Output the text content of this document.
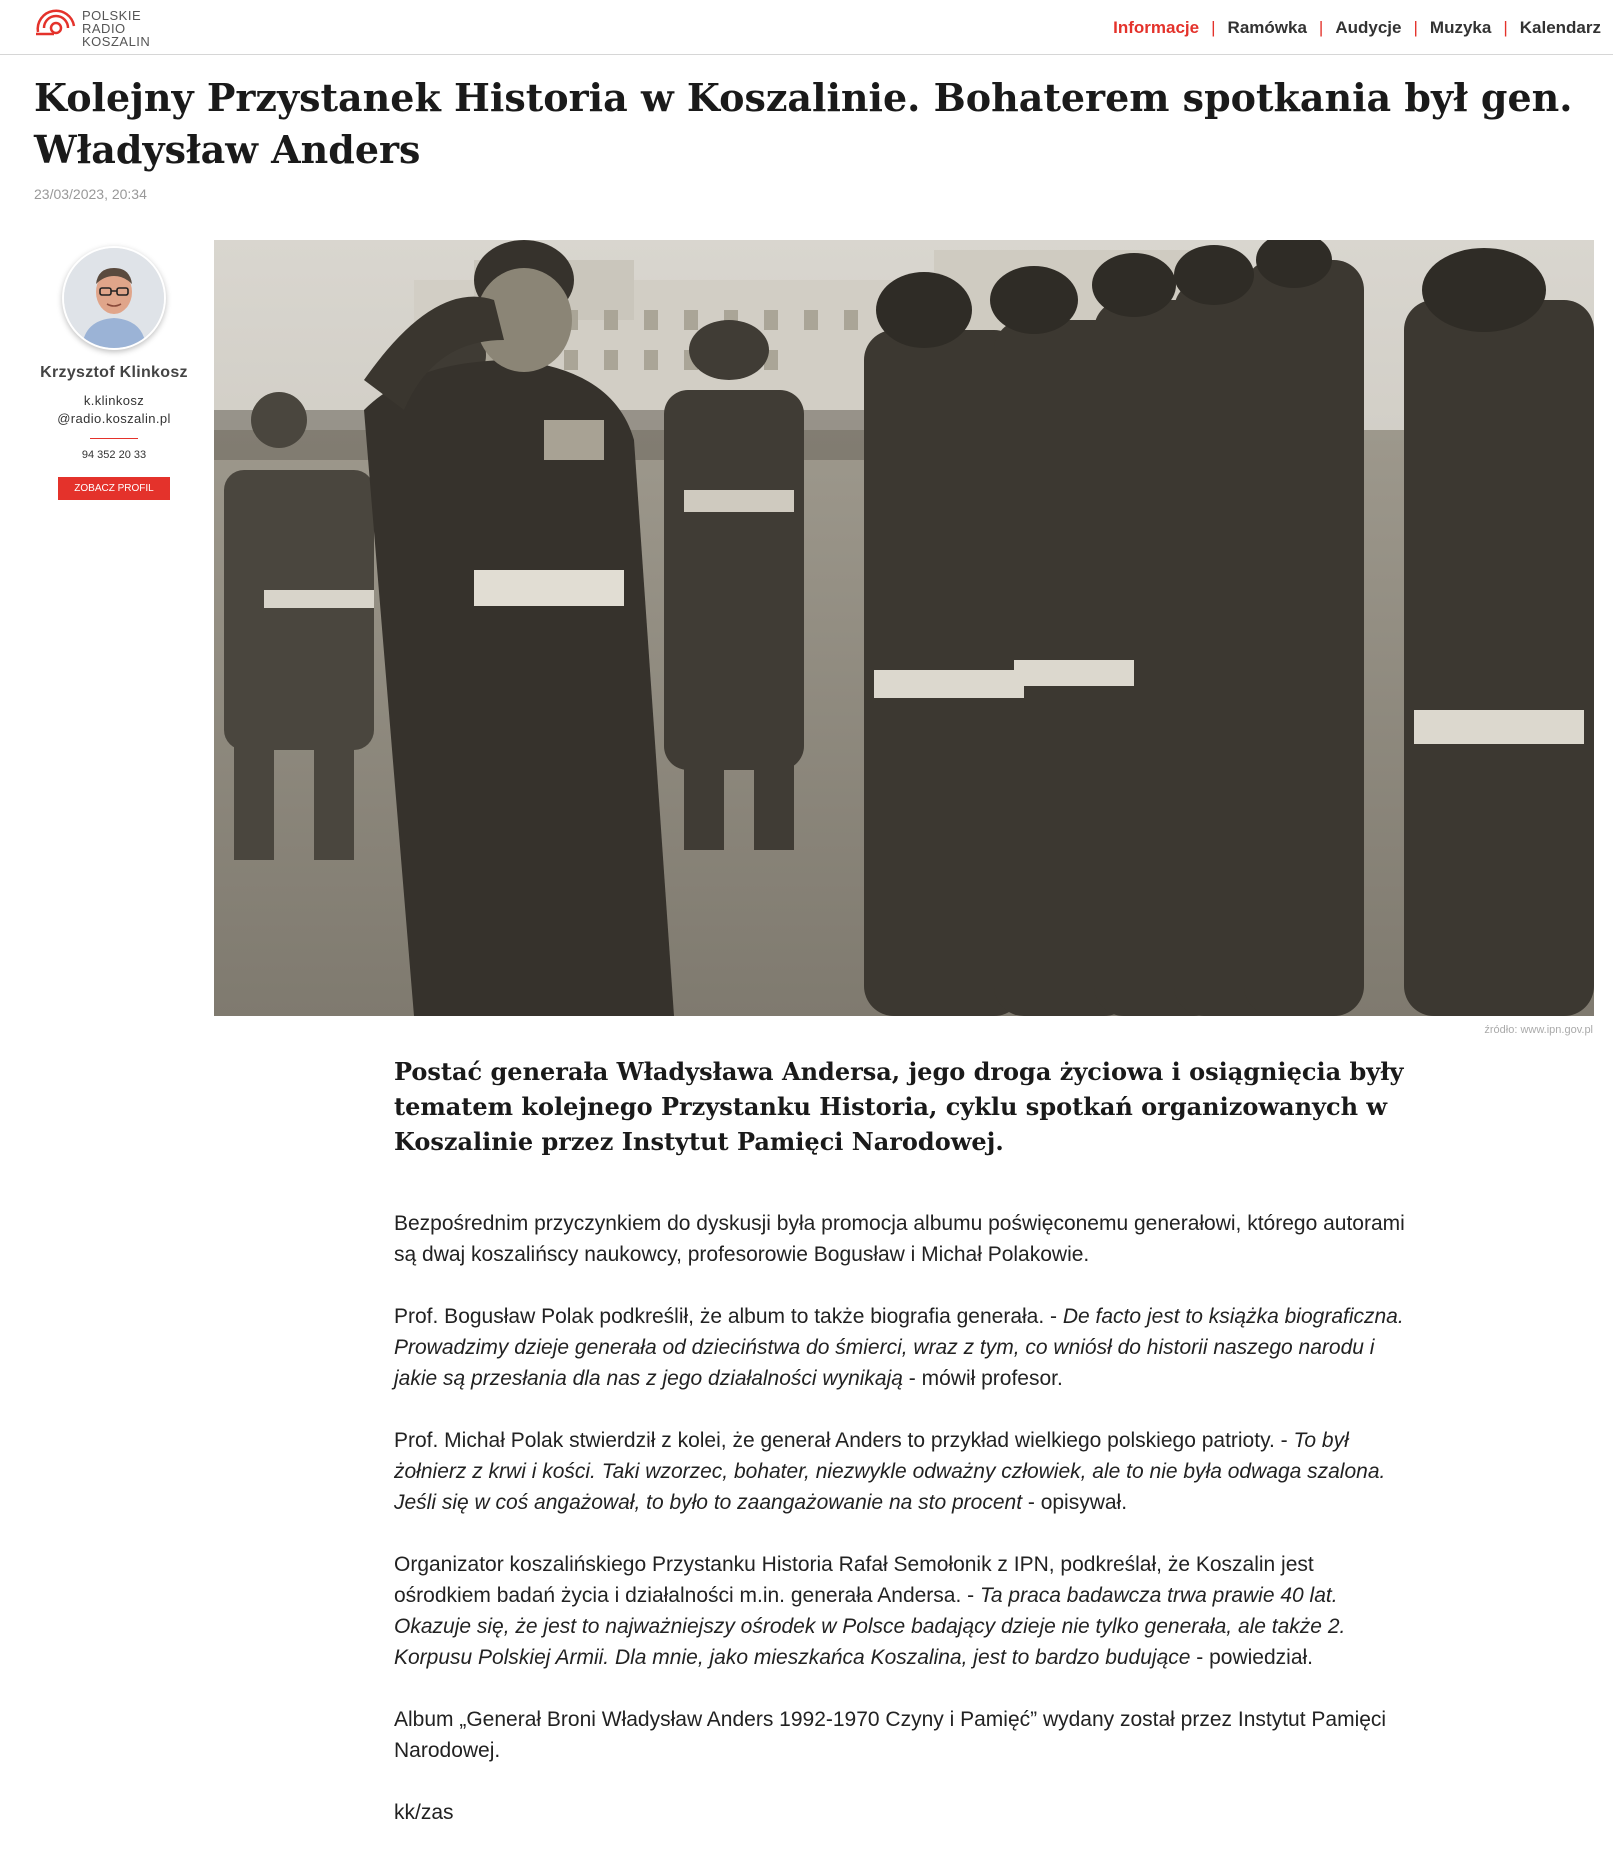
POLSKIE
RADIO
KOSZALIN
Informacje | Ramówka | Audycje | Muzyka | Kalendarz
Kolejny Przystanek Historia w Koszalinie. Bohaterem spotkania był gen. Władysław Anders
23/03/2023, 20:34
Krzysztof Klinkosz
k.klinkosz
@radio.koszalin.pl
94 352 20 33
ZOBACZ PROFIL
źródło: www.ipn.gov.pl

Postać generała Władysława Andersa, jego droga życiowa i osiągnięcia były tematem kolejnego Przystanku Historia, cyklu spotkań organizowanych w Koszalinie przez Instytut Pamięci Narodowej.

Bezpośrednim przyczynkiem do dyskusji była promocja albumu poświęconemu generałowi, którego autorami są dwaj koszalińscy naukowcy, profesorowie Bogusław i Michał Polakowie.

Prof. Bogusław Polak podkreślił, że album to także biografia generała. - De facto jest to książka biograficzna. Prowadzimy dzieje generała od dzieciństwa do śmierci, wraz z tym, co wniósł do historii naszego narodu i jakie są przesłania dla nas z jego działalności wynikają - mówił profesor.

Prof. Michał Polak stwierdził z kolei, że generał Anders to przykład wielkiego polskiego patrioty. - To był żołnierz z krwi i kości. Taki wzorzec, bohater, niezwykle odważny człowiek, ale to nie była odwaga szalona. Jeśli się w coś angażował, to było to zaangażowanie na sto procent - opisywał.

Organizator koszalińskiego Przystanku Historia Rafał Semołonik z IPN, podkreślał, że Koszalin jest ośrodkiem badań życia i działalności m.in. generała Andersa. - Ta praca badawcza trwa prawie 40 lat. Okazuje się, że jest to najważniejszy ośrodek w Polsce badający dzieje nie tylko generała, ale także 2. Korpusu Polskiej Armii. Dla mnie, jako mieszkańca Koszalina, jest to bardzo budujące - powiedział.

Album „Generał Broni Władysław Anders 1992-1970 Czyny i Pamięć” wydany został przez Instytut Pamięci Narodowej.

kk/zas
